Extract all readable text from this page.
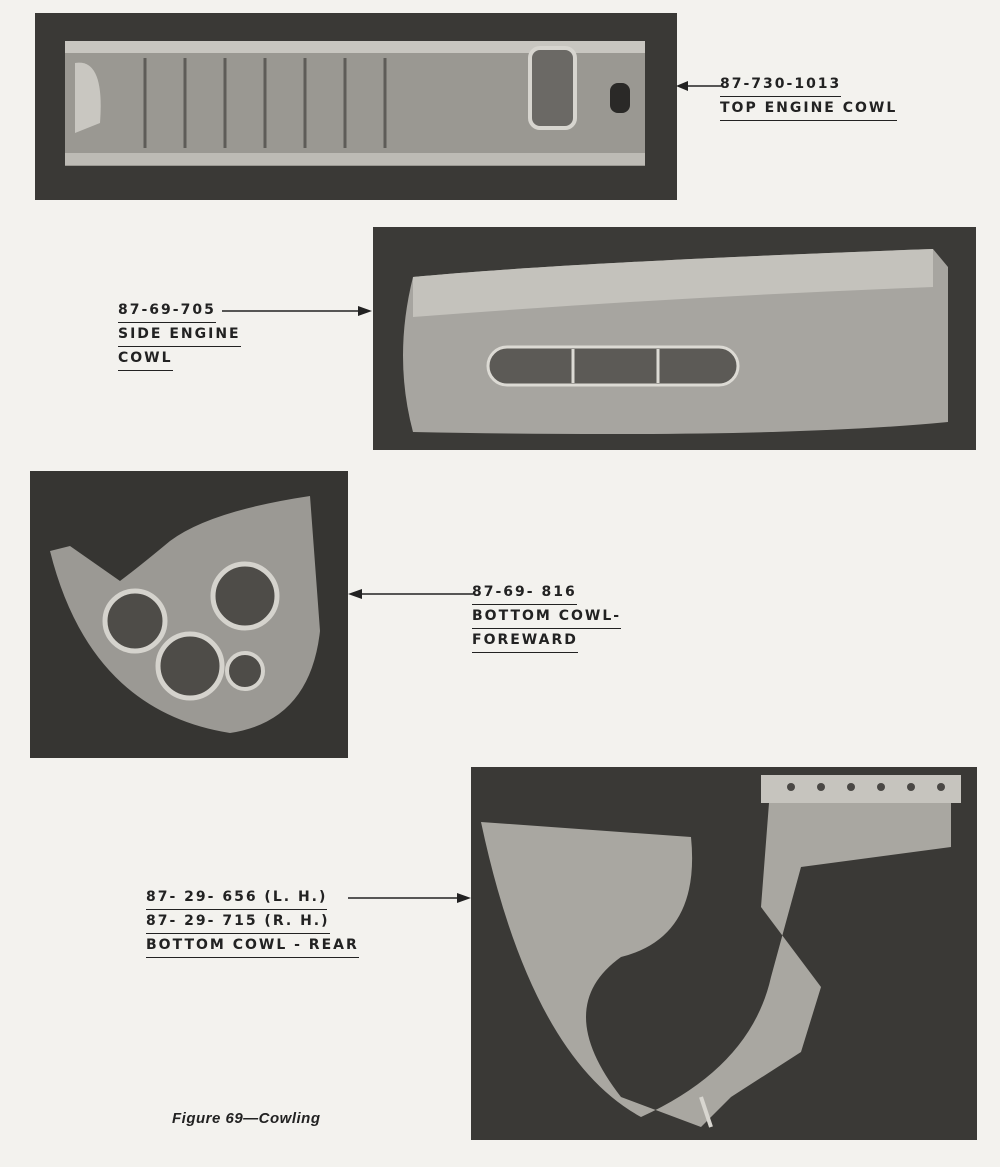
87-730-1013
TOP ENGINE COWL
87-69-705
SIDE ENGINE
COWL
87-69- 816
BOTTOM COWL-
FOREWARD
87- 29- 656 (L. H.)
87- 29- 715 (R. H.)
BOTTOM COWL - REAR
Figure 69—Cowling
